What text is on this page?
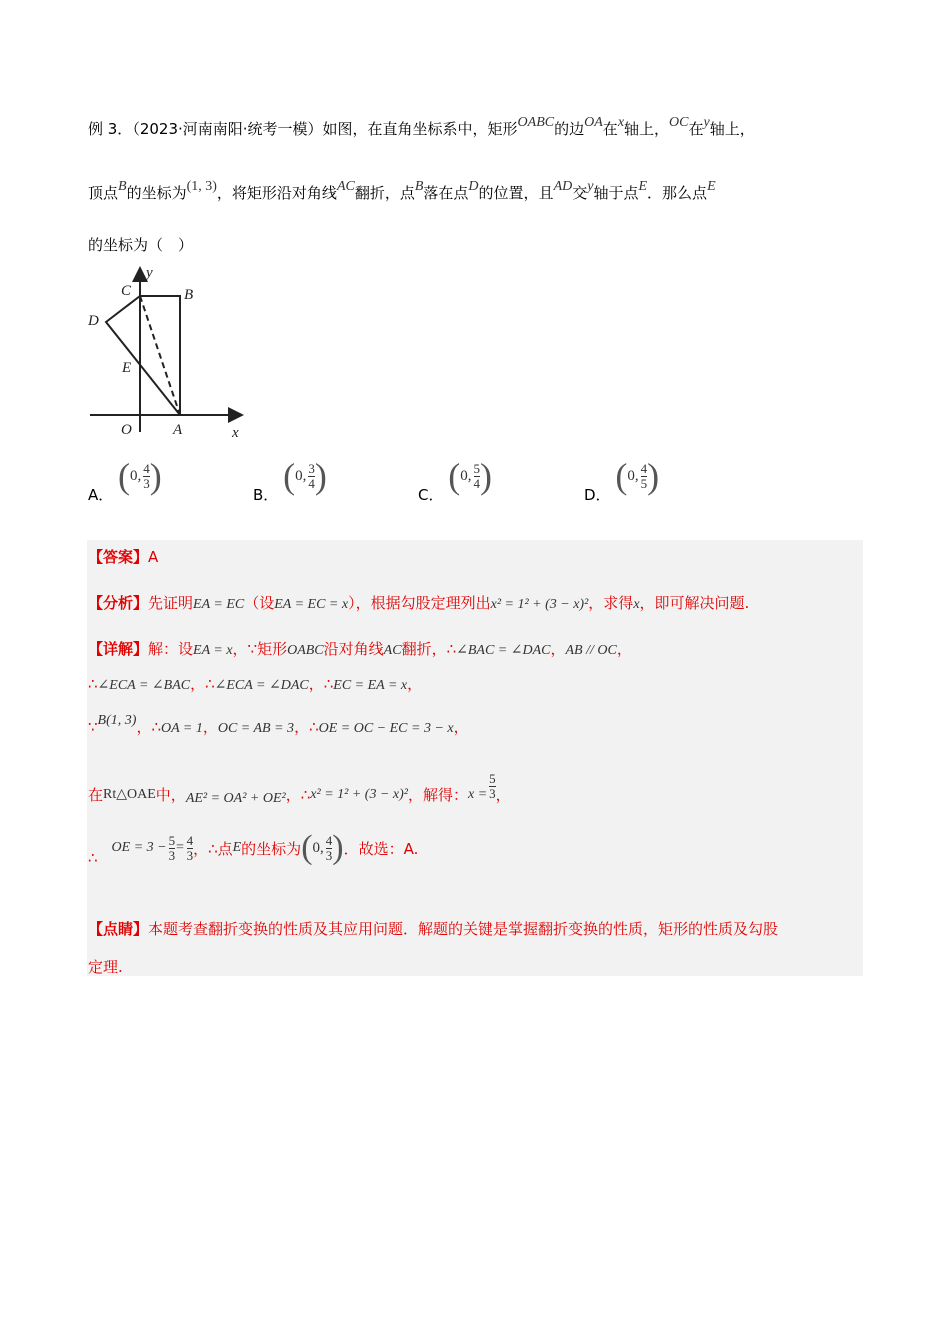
例 3．（2023·河南南阳·统考一模）如图，在直角坐标系中，矩形OABC的边OA在x轴上，OC在y轴上，
顶点B的坐标为(1, 3)，将矩形沿对角线AC翻折，点B落在点D的位置，且AD交y轴于点E．那么点E
的坐标为（　）
C
y
B
D
E
O	A	x
A． ( 0, $\frac{4}{3}$ )	B． ( 0, $\frac{3}{4}$ )	C． ( 0, $\frac{5}{4}$ )	D． ( 0, $\frac{4}{5}$ )
【答案】A
【分析】先证明EA = EC（设EA = EC = x），根据勾股定理列出x² = 1² + (3 − x)²，求得x，即可解决问题.
【详解】解：设EA = x，∵矩形OABC沿对角线AC翻折，∴∠BAC = ∠DAC，AB // OC，
∴∠ECA = ∠BAC，∴∠ECA = ∠DAC，∴EC = EA = x，
∵B(1, 3)，∴OA = 1，OC = AB = 3，∴OE = OC − EC = 3 − x，
在 Rt△OAE 中， AE² = OA² + OE² ，∴ x² = 1² + (3 − x)² ，解得： $x = \frac{5}{3}$ ，
∴
OE = $3 - \frac{5}{3} = \frac{4}{3}$ ，∴点 E 的坐标为 ( 0, $\frac{4}{3}$ ) ．故选：A.
【点睛】本题考查翻折变换的性质及其应用问题．解题的关键是掌握翻折变换的性质，矩形的性质及勾股
定理.
